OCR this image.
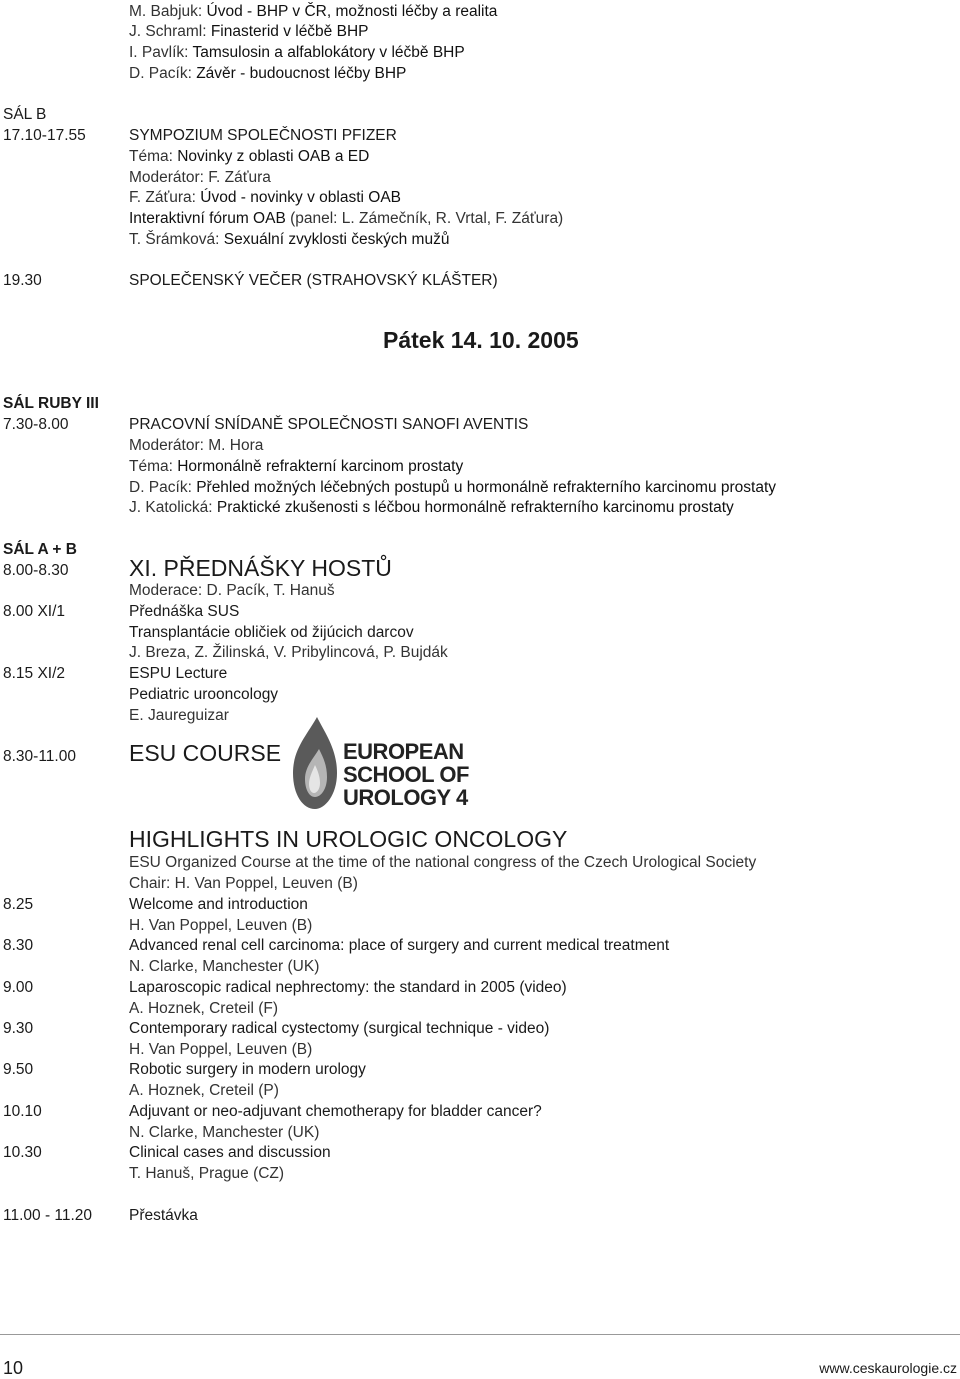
M. Babjuk: Úvod - BHP v ČR, možnosti léčby a realita
J. Schraml: Finasterid v léčbě BHP
I. Pavlík: Tamsulosin a alfablokátory v léčbě BHP
D. Pacík: Závěr - budoucnost léčby BHP
SÁL B
17.10-17.55	SYMPOZIUM SPOLEČNOSTI PFIZER
Téma: Novinky z oblasti OAB a ED
Moderátor: F. Záťura
F. Záťura: Úvod - novinky v oblasti OAB
Interaktivní fórum OAB (panel: L. Zámečník, R. Vrtal, F. Záťura)
T. Šrámková: Sexuální zvyklosti českých mužů
19.30	SPOLEČENSKÝ VEČER (STRAHOVSKÝ KLÁŠTER)
Pátek 14. 10. 2005
SÁL RUBY III
7.30-8.00	PRACOVNÍ SNÍDANĚ SPOLEČNOSTI SANOFI AVENTIS
Moderátor: M. Hora
Téma: Hormonálně refrakterní karcinom prostaty
D. Pacík: Přehled možných léčebných postupů u hormonálně refrakterního karcinomu prostaty
J. Katolická: Praktické zkušenosti s léčbou hormonálně refrakterního karcinomu prostaty
SÁL A + B
8.00-8.30	XI. PŘEDNÁŠKY HOSTŮ
Moderace: D. Pacík, T. Hanuš
8.00 XI/1	Přednáška SUS
Transplantácie obličiek od žijúcich darcov
J. Breza, Z. Žilinská, V. Pribylincová, P. Bujdák
8.15 XI/2	ESPU Lecture
Pediatric urooncology
E. Jaureguizar
8.30-11.00 ESU COURSE	EUROPEAN
SCHOOL OF
UROLOGY 4
HIGHLIGHTS IN UROLOGIC ONCOLOGY
ESU Organized Course at the time of the national congress of the Czech Urological Society
Chair: H. Van Poppel, Leuven (B)
8.25	Welcome and introduction
H. Van Poppel, Leuven (B)
8.30	Advanced renal cell carcinoma: place of surgery and current medical treatment
N. Clarke, Manchester (UK)
9.00	Laparoscopic radical nephrectomy: the standard in 2005 (video)
A. Hoznek, Creteil (F)
9.30	Contemporary radical cystectomy (surgical technique - video)
H. Van Poppel, Leuven (B)
9.50	Robotic surgery in modern urology
A. Hoznek, Creteil (P)
10.10	Adjuvant or neo-adjuvant chemotherapy for bladder cancer?
N. Clarke, Manchester (UK)
10.30	Clinical cases and discussion
T. Hanuš, Prague (CZ)
11.00 - 11.20 Přestávka
10	www.ceskaurologie.cz
